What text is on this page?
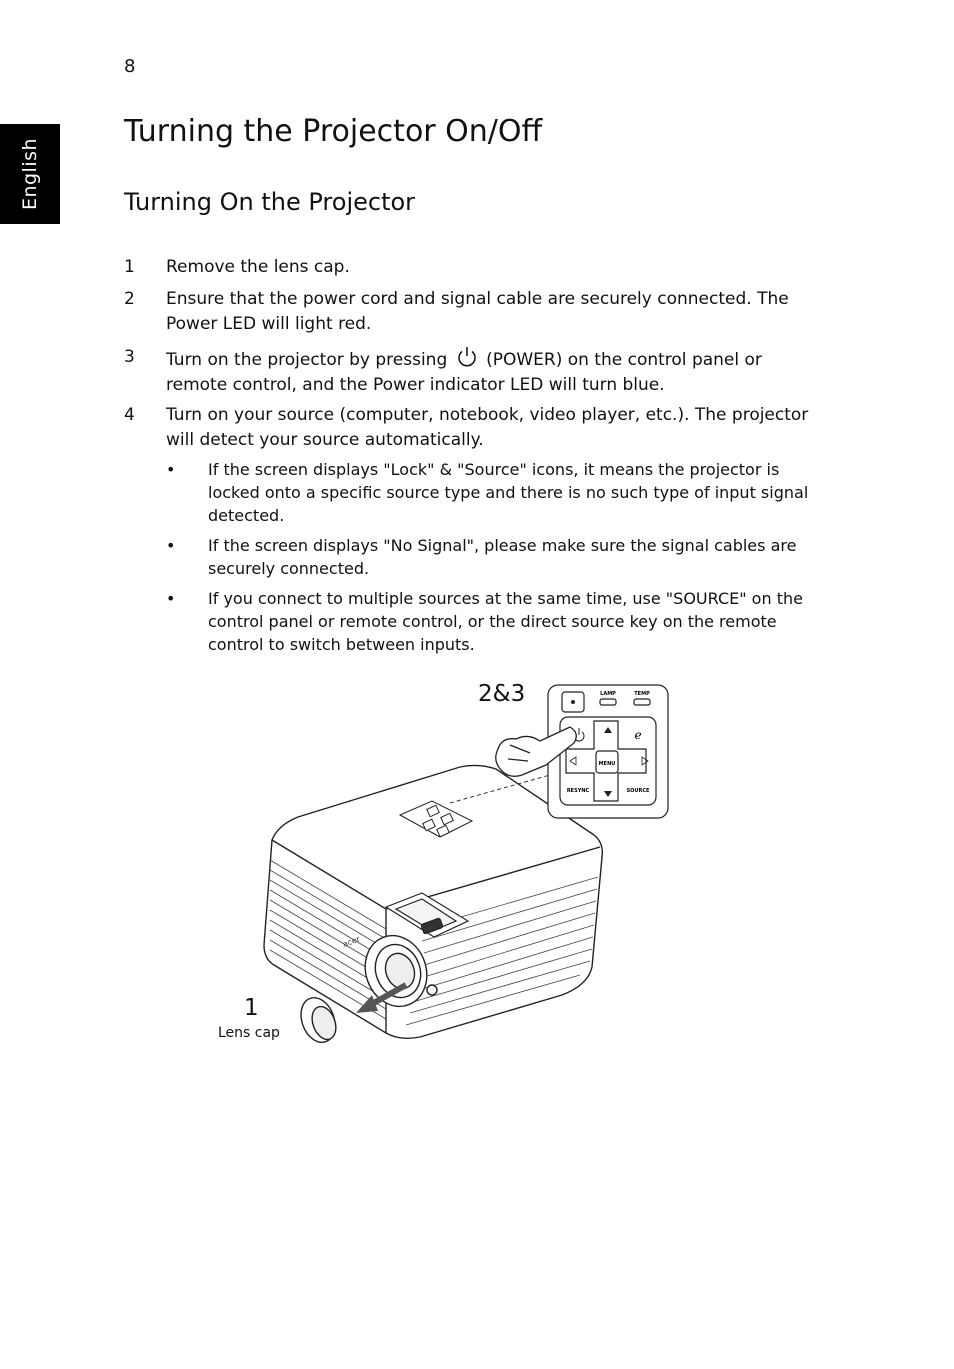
8
English
Turning the Projector On/Off
Turning On the Projector
1 Remove the lens cap.
2 Ensure that the power cord and signal cable are securely connected. The Power LED will light red.
3 Turn on the projector by pressing (POWER) on the control panel or remote control, and the Power indicator LED will turn blue.
4 Turn on your source (computer, notebook, video player, etc.). The projector will detect your source automatically.
• If the screen displays "Lock" & "Source" icons, it means the projector is locked onto a specific source type and there is no such type of input signal detected.
• If the screen displays "No Signal", please make sure the signal cables are securely connected.
• If you connect to multiple sources at the same time, use "SOURCE" on the control panel or remote control, or the direct source key on the remote control to switch between inputs.
LAMP	TEMP
MENU
RESYNC	SOURCE
e
acer
2&3
1
Lens cap
